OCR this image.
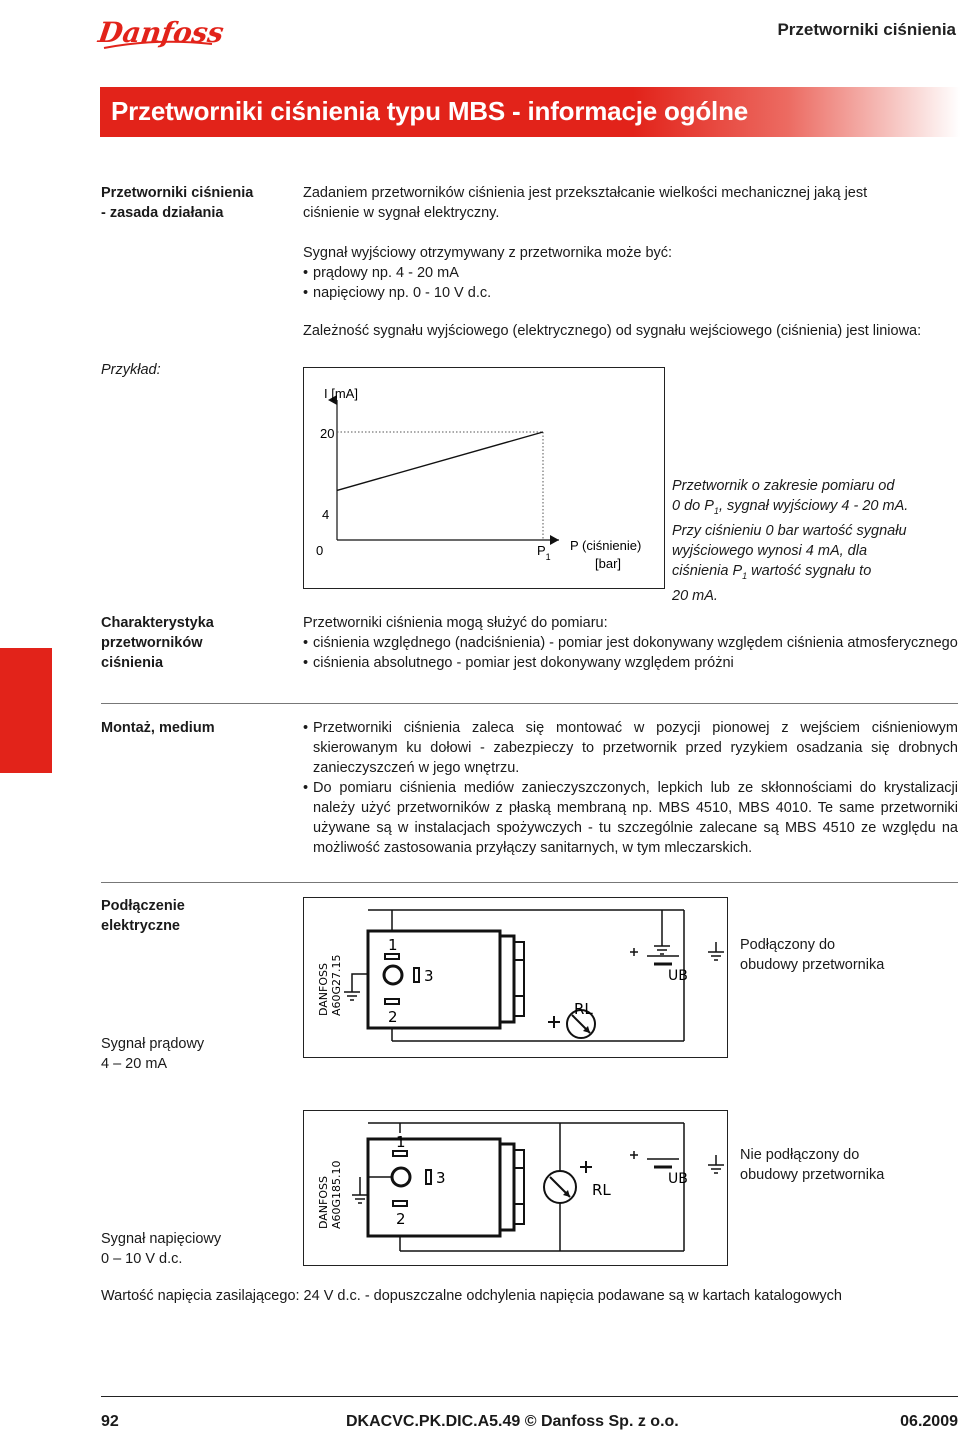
Danfoss	Przetworniki ciśnienia
Przetworniki ciśnienia typu MBS - informacje ogólne
Przetworniki ciśnienia
- zasada działania
Zadaniem przetworników ciśnienia jest przekształcanie wielkości mechanicznej jaką jest
ciśnienie w sygnał elektryczny.
Sygnał wyjściowy otrzymywany z przetwornika może być:
• prądowy np. 4 - 20 mA
• napięciowy np. 0 - 10 V d.c.
Przykład:
Zależność sygnału wyjściowego (elektrycznego) od sygnału wejściowego (ciśnienia) jest liniowa:
I [mA]
20
4
0	$P_1$
P (ciśnienie)
[bar]
Przetwornik o zakresie pomiaru od
0 do $P_1$, sygnał wyjściowy 4 - 20 mA.
Przy ciśnieniu 0 bar wartość sygnału
wyjściowego wynosi 4 mA, dla
ciśnienia $P_1$ wartość sygnału to
20 mA.
Charakterystyka
przetworników
ciśnienia
Przetworniki ciśnienia mogą służyć do pomiaru:
• ciśnienia względnego (nadciśnienia) - pomiar jest dokonywany względem ciśnienia atmosferycznego
• ciśnienia absolutnego - pomiar jest dokonywany względem próżni
Montaż, medium
•	Przetworniki ciśnienia zaleca się montować w pozycji pionowej z wejściem ciśnieniowym skierowanym ku dołowi - zabezpieczy to przetwornik przed ryzykiem osadzania się drobnych zanieczyszczeń w jego wnętrzu.
• Do pomiaru ciśnienia mediów zanieczyszczonych, lepkich lub ze skłonnościami do krystalizacji należy użyć przetworników z płaską membraną np. MBS 4510, MBS 4010. Te same przetworniki używane są w instalacjach spożywczych - tu szczególnie zalecane są MBS 4510 ze względu na możliwość zastosowania przyłączy sanitarnych, w tym mleczarskich.
Podłączenie
elektryczne
Sygnał prądowy
4 – 20 mA
Sygnał napięciowy
0 – 10 V d.c.
DANFOSS A60G27.15
1
3
2
UB
RL
Podłączony do
obudowy przetwornika
DANFOSS A60G185.10
1
3
2
RL
UB
Nie podłączony do
obudowy przetwornika
Wartość napięcia zasilającego: 24 V d.c. - dopuszczalne odchylenia napięcia podawane są w kartach katalogowych
92	DKACVC.PK.DIC.A5.49 © Danfoss Sp. z o.o.	06.2009
